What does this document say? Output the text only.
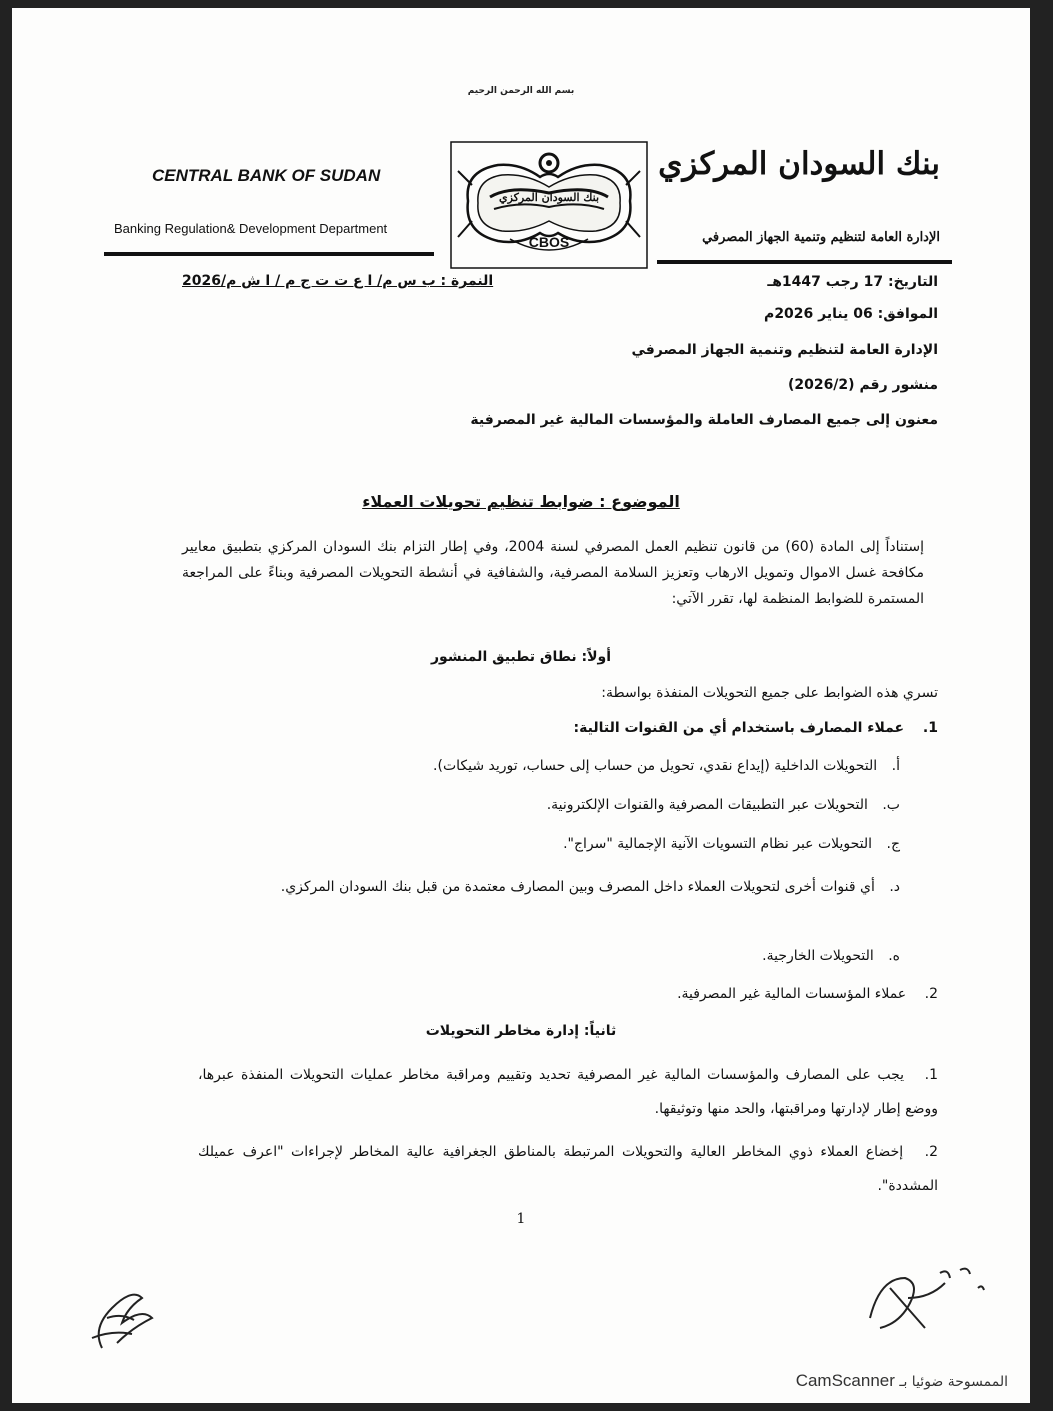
بسم الله الرحمن الرحيم
CENTRAL BANK OF SUDAN
Banking Regulation& Development Department
بنك السودان المركزي
الإدارة العامة لتنظيم وتنمية الجهاز المصرفي
CBOS
بنك السودان المركزي
النمرة : ب س م/ ا ع ت ت ج م / ا ش م/2026	التاريخ: 17 رجب 1447هـ
الموافق: 06 يناير 2026م
الإدارة العامة لتنظيم وتنمية الجهاز المصرفي
منشور رقم (2026/2)
معنون إلى جميع المصارف العاملة والمؤسسات المالية غير المصرفية
الموضوع : ضوابط تنظيم تحويلات العملاء
إستناداً إلى المادة (60) من قانون تنظيم العمل المصرفي لسنة 2004، وفي إطار التزام بنك السودان المركزي بتطبيق معايير مكافحة غسل الاموال وتمويل الارهاب وتعزيز السلامة المصرفية، والشفافية في أنشطة التحويلات المصرفية وبناءً على المراجعة المستمرة للضوابط المنظمة لها، تقرر الآتي:
أولاً: نطاق تطبيق المنشور
تسري هذه الضوابط على جميع التحويلات المنفذة بواسطة:
1. عملاء المصارف باستخدام أي من القنوات التالية:
أ. التحويلات الداخلية (إيداع نقدي، تحويل من حساب إلى حساب، توريد شيكات).
ب. التحويلات عبر التطبيقات المصرفية والقنوات الإلكترونية.
ج. التحويلات عبر نظام التسويات الآنية الإجمالية "سراج".
د. أي قنوات أخرى لتحويلات العملاء داخل المصرف وبين المصارف معتمدة من قبل بنك السودان المركزي.
ه. التحويلات الخارجية.
2. عملاء المؤسسات المالية غير المصرفية.
ثانياً: إدارة مخاطر التحويلات
1. يجب على المصارف والمؤسسات المالية غير المصرفية تحديد وتقييم ومراقبة مخاطر عمليات التحويلات المنفذة عبرها، ووضع إطار لإدارتها ومراقبتها، والحد منها وتوثيقها.
2. إخضاع العملاء ذوي المخاطر العالية والتحويلات المرتبطة بالمناطق الجغرافية عالية المخاطر لإجراءات "اعرف عميلك المشددة".
1
الممسوحة ضوئيا بـ CamScanner
